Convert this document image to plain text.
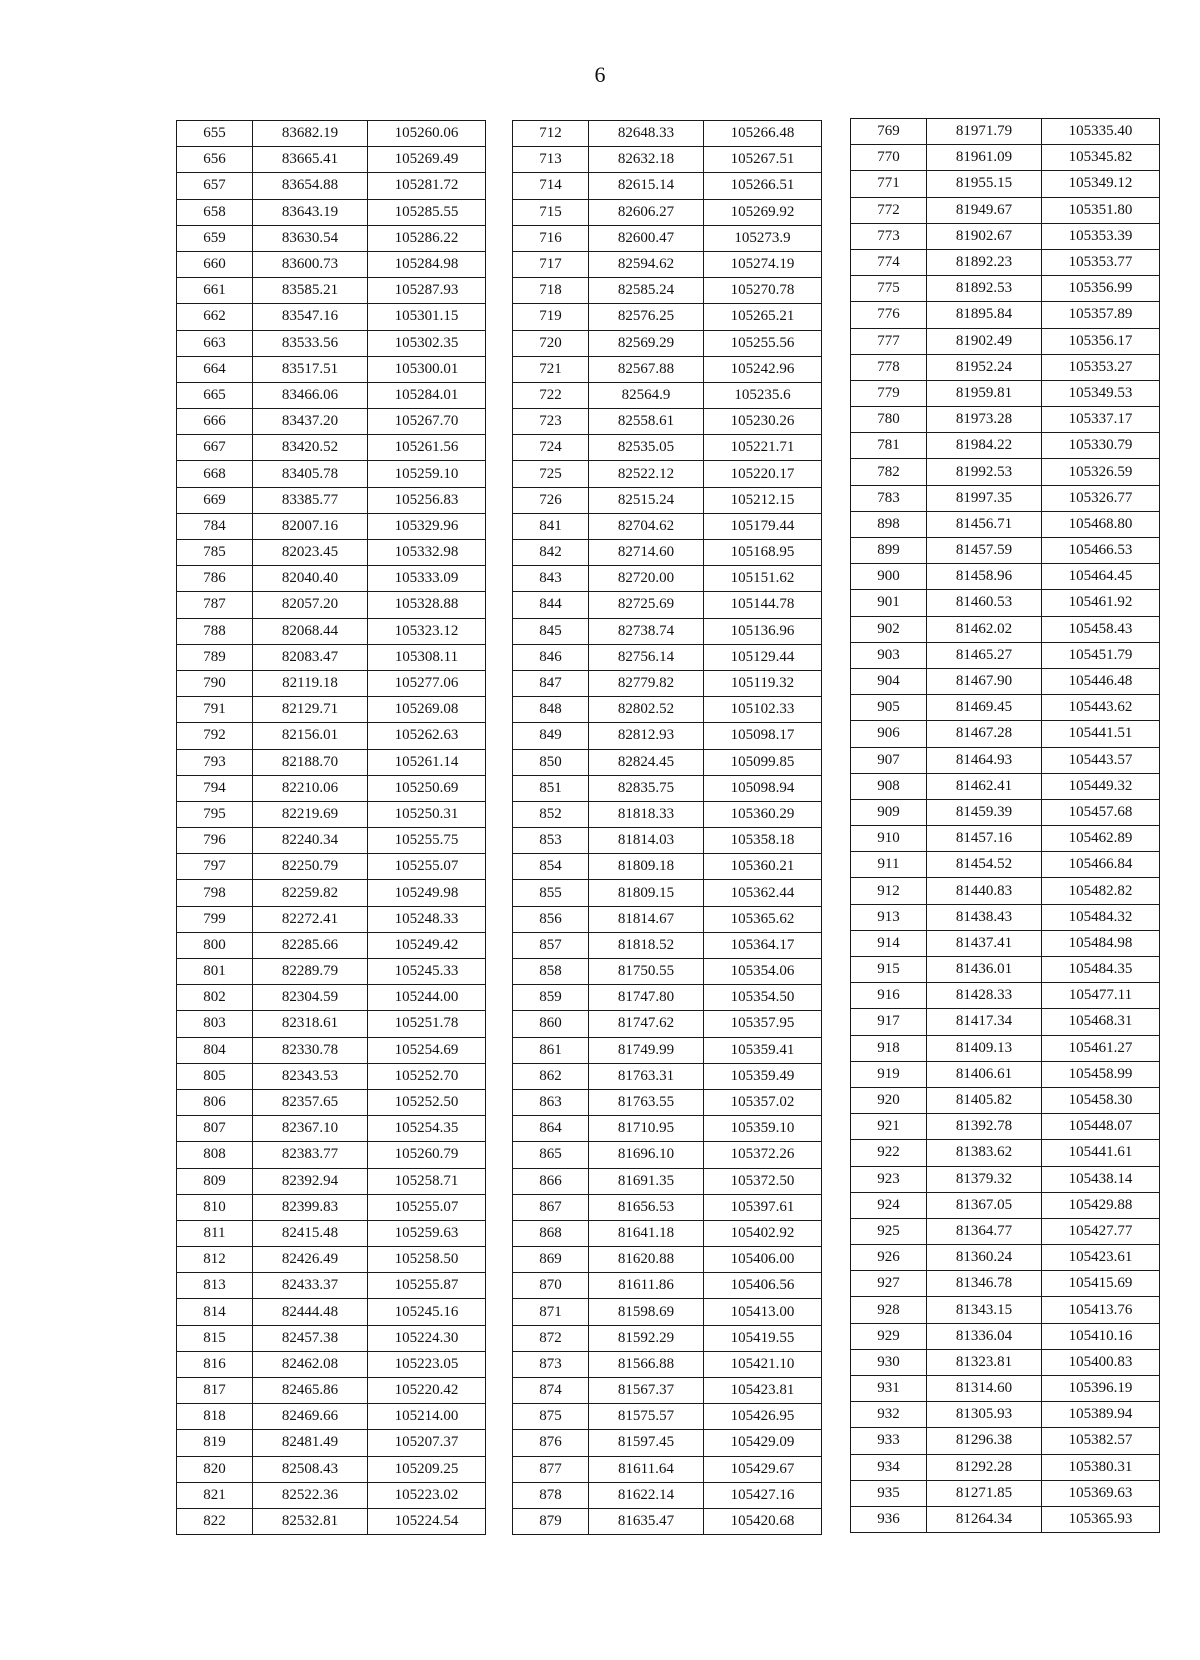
6
655	83682.19	105260.06
656	83665.41	105269.49
657	83654.88	105281.72
658	83643.19	105285.55
659	83630.54	105286.22
660	83600.73	105284.98
661	83585.21	105287.93
662	83547.16	105301.15
663	83533.56	105302.35
664	83517.51	105300.01
665	83466.06	105284.01
666	83437.20	105267.70
667	83420.52	105261.56
668	83405.78	105259.10
669	83385.77	105256.83
784	82007.16	105329.96
785	82023.45	105332.98
786	82040.40	105333.09
787	82057.20	105328.88
788	82068.44	105323.12
789	82083.47	105308.11
790	82119.18	105277.06
791	82129.71	105269.08
792	82156.01	105262.63
793	82188.70	105261.14
794	82210.06	105250.69
795	82219.69	105250.31
796	82240.34	105255.75
797	82250.79	105255.07
798	82259.82	105249.98
799	82272.41	105248.33
800	82285.66	105249.42
801	82289.79	105245.33
802	82304.59	105244.00
803	82318.61	105251.78
804	82330.78	105254.69
805	82343.53	105252.70
806	82357.65	105252.50
807	82367.10	105254.35
808	82383.77	105260.79
809	82392.94	105258.71
810	82399.83	105255.07
811	82415.48	105259.63
812	82426.49	105258.50
813	82433.37	105255.87
814	82444.48	105245.16
815	82457.38	105224.30
816	82462.08	105223.05
817	82465.86	105220.42
818	82469.66	105214.00
819	82481.49	105207.37
820	82508.43	105209.25
821	82522.36	105223.02
822	82532.81	105224.54
712	82648.33	105266.48
713	82632.18	105267.51
714	82615.14	105266.51
715	82606.27	105269.92
716	82600.47	105273.9
717	82594.62	105274.19
718	82585.24	105270.78
719	82576.25	105265.21
720	82569.29	105255.56
721	82567.88	105242.96
722	82564.9	105235.6
723	82558.61	105230.26
724	82535.05	105221.71
725	82522.12	105220.17
726	82515.24	105212.15
841	82704.62	105179.44
842	82714.60	105168.95
843	82720.00	105151.62
844	82725.69	105144.78
845	82738.74	105136.96
846	82756.14	105129.44
847	82779.82	105119.32
848	82802.52	105102.33
849	82812.93	105098.17
850	82824.45	105099.85
851	82835.75	105098.94
852	81818.33	105360.29
853	81814.03	105358.18
854	81809.18	105360.21
855	81809.15	105362.44
856	81814.67	105365.62
857	81818.52	105364.17
858	81750.55	105354.06
859	81747.80	105354.50
860	81747.62	105357.95
861	81749.99	105359.41
862	81763.31	105359.49
863	81763.55	105357.02
864	81710.95	105359.10
865	81696.10	105372.26
866	81691.35	105372.50
867	81656.53	105397.61
868	81641.18	105402.92
869	81620.88	105406.00
870	81611.86	105406.56
871	81598.69	105413.00
872	81592.29	105419.55
873	81566.88	105421.10
874	81567.37	105423.81
875	81575.57	105426.95
876	81597.45	105429.09
877	81611.64	105429.67
878	81622.14	105427.16
879	81635.47	105420.68
769	81971.79	105335.40
770	81961.09	105345.82
771	81955.15	105349.12
772	81949.67	105351.80
773	81902.67	105353.39
774	81892.23	105353.77
775	81892.53	105356.99
776	81895.84	105357.89
777	81902.49	105356.17
778	81952.24	105353.27
779	81959.81	105349.53
780	81973.28	105337.17
781	81984.22	105330.79
782	81992.53	105326.59
783	81997.35	105326.77
898	81456.71	105468.80
899	81457.59	105466.53
900	81458.96	105464.45
901	81460.53	105461.92
902	81462.02	105458.43
903	81465.27	105451.79
904	81467.90	105446.48
905	81469.45	105443.62
906	81467.28	105441.51
907	81464.93	105443.57
908	81462.41	105449.32
909	81459.39	105457.68
910	81457.16	105462.89
911	81454.52	105466.84
912	81440.83	105482.82
913	81438.43	105484.32
914	81437.41	105484.98
915	81436.01	105484.35
916	81428.33	105477.11
917	81417.34	105468.31
918	81409.13	105461.27
919	81406.61	105458.99
920	81405.82	105458.30
921	81392.78	105448.07
922	81383.62	105441.61
923	81379.32	105438.14
924	81367.05	105429.88
925	81364.77	105427.77
926	81360.24	105423.61
927	81346.78	105415.69
928	81343.15	105413.76
929	81336.04	105410.16
930	81323.81	105400.83
931	81314.60	105396.19
932	81305.93	105389.94
933	81296.38	105382.57
934	81292.28	105380.31
935	81271.85	105369.63
936	81264.34	105365.93
